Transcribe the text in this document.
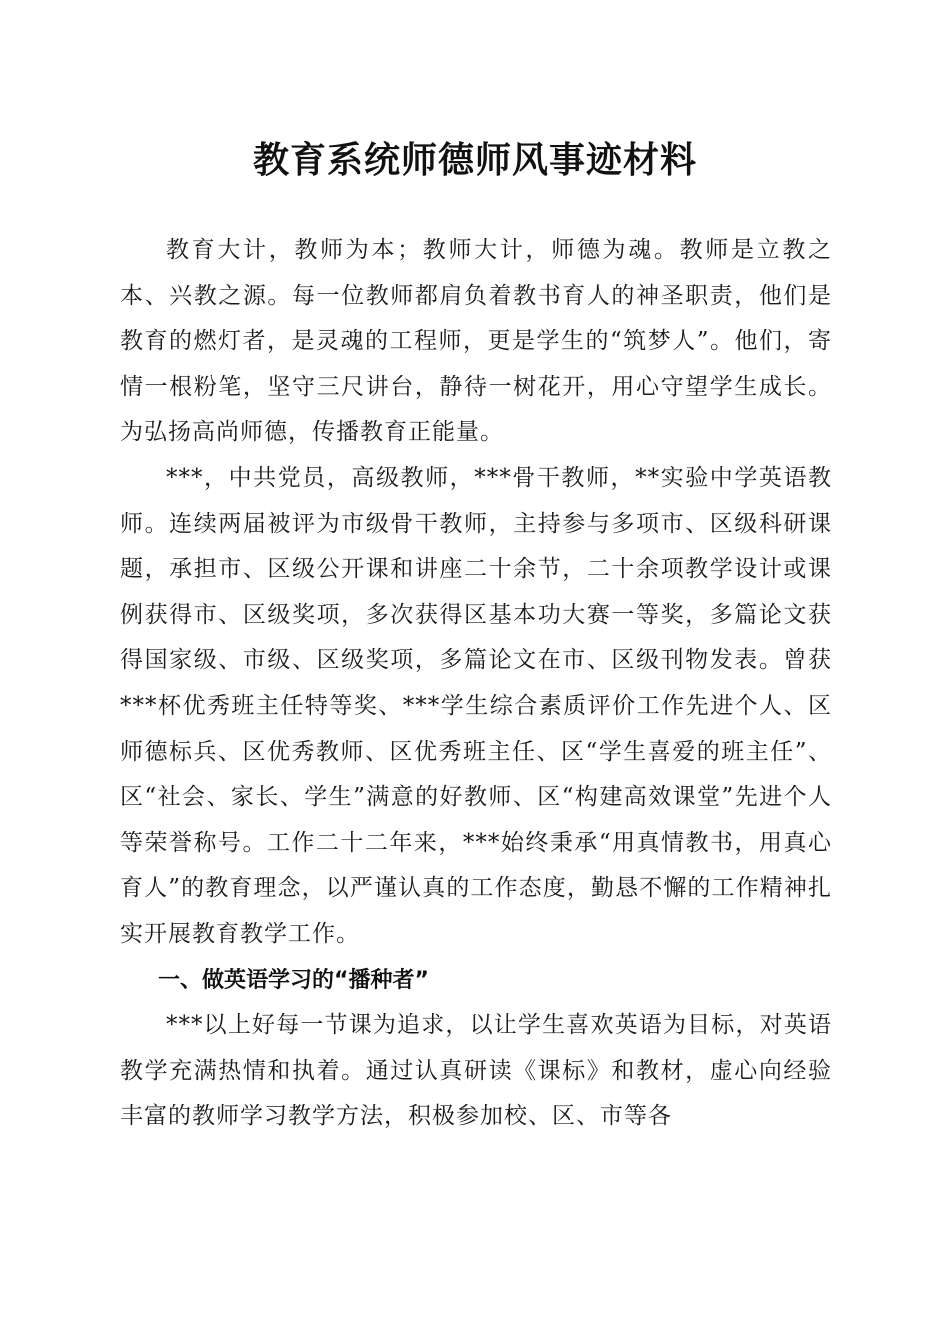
教育系统师德师风事迹材料

教育大计，教师为本；教师大计，师德为魂。教师是立教之本、兴教之源。每一位教师都肩负着教书育人的神圣职责，他们是教育的燃灯者，是灵魂的工程师，更是学生的“筑梦人”。他们，寄情一根粉笔，坚守三尺讲台，静待一树花开，用心守望学生成长。为弘扬高尚师德，传播教育正能量。

***，中共党员，高级教师，***骨干教师，**实验中学英语教师。连续两届被评为市级骨干教师，主持参与多项市、区级科研课题，承担市、区级公开课和讲座二十余节，二十余项教学设计或课例获得市、区级奖项，多次获得区基本功大赛一等奖，多篇论文获得国家级、市级、区级奖项，多篇论文在市、区级刊物发表。曾获***杯优秀班主任特等奖、***学生综合素质评价工作先进个人、区师德标兵、区优秀教师、区优秀班主任、区“学生喜爱的班主任”、区“社会、家长、学生”满意的好教师、区“构建高效课堂”先进个人等荣誉称号。工作二十二年来，***始终秉承“用真情教书，用真心育人”的教育理念，以严谨认真的工作态度，勤恳不懈的工作精神扎实开展教育教学工作。

一、做英语学习的“播种者”

***以上好每一节课为追求，以让学生喜欢英语为目标，对英语教学充满热情和执着。通过认真研读《课标》和教材，虚心向经验丰富的教师学习教学方法，积极参加校、区、市等各
